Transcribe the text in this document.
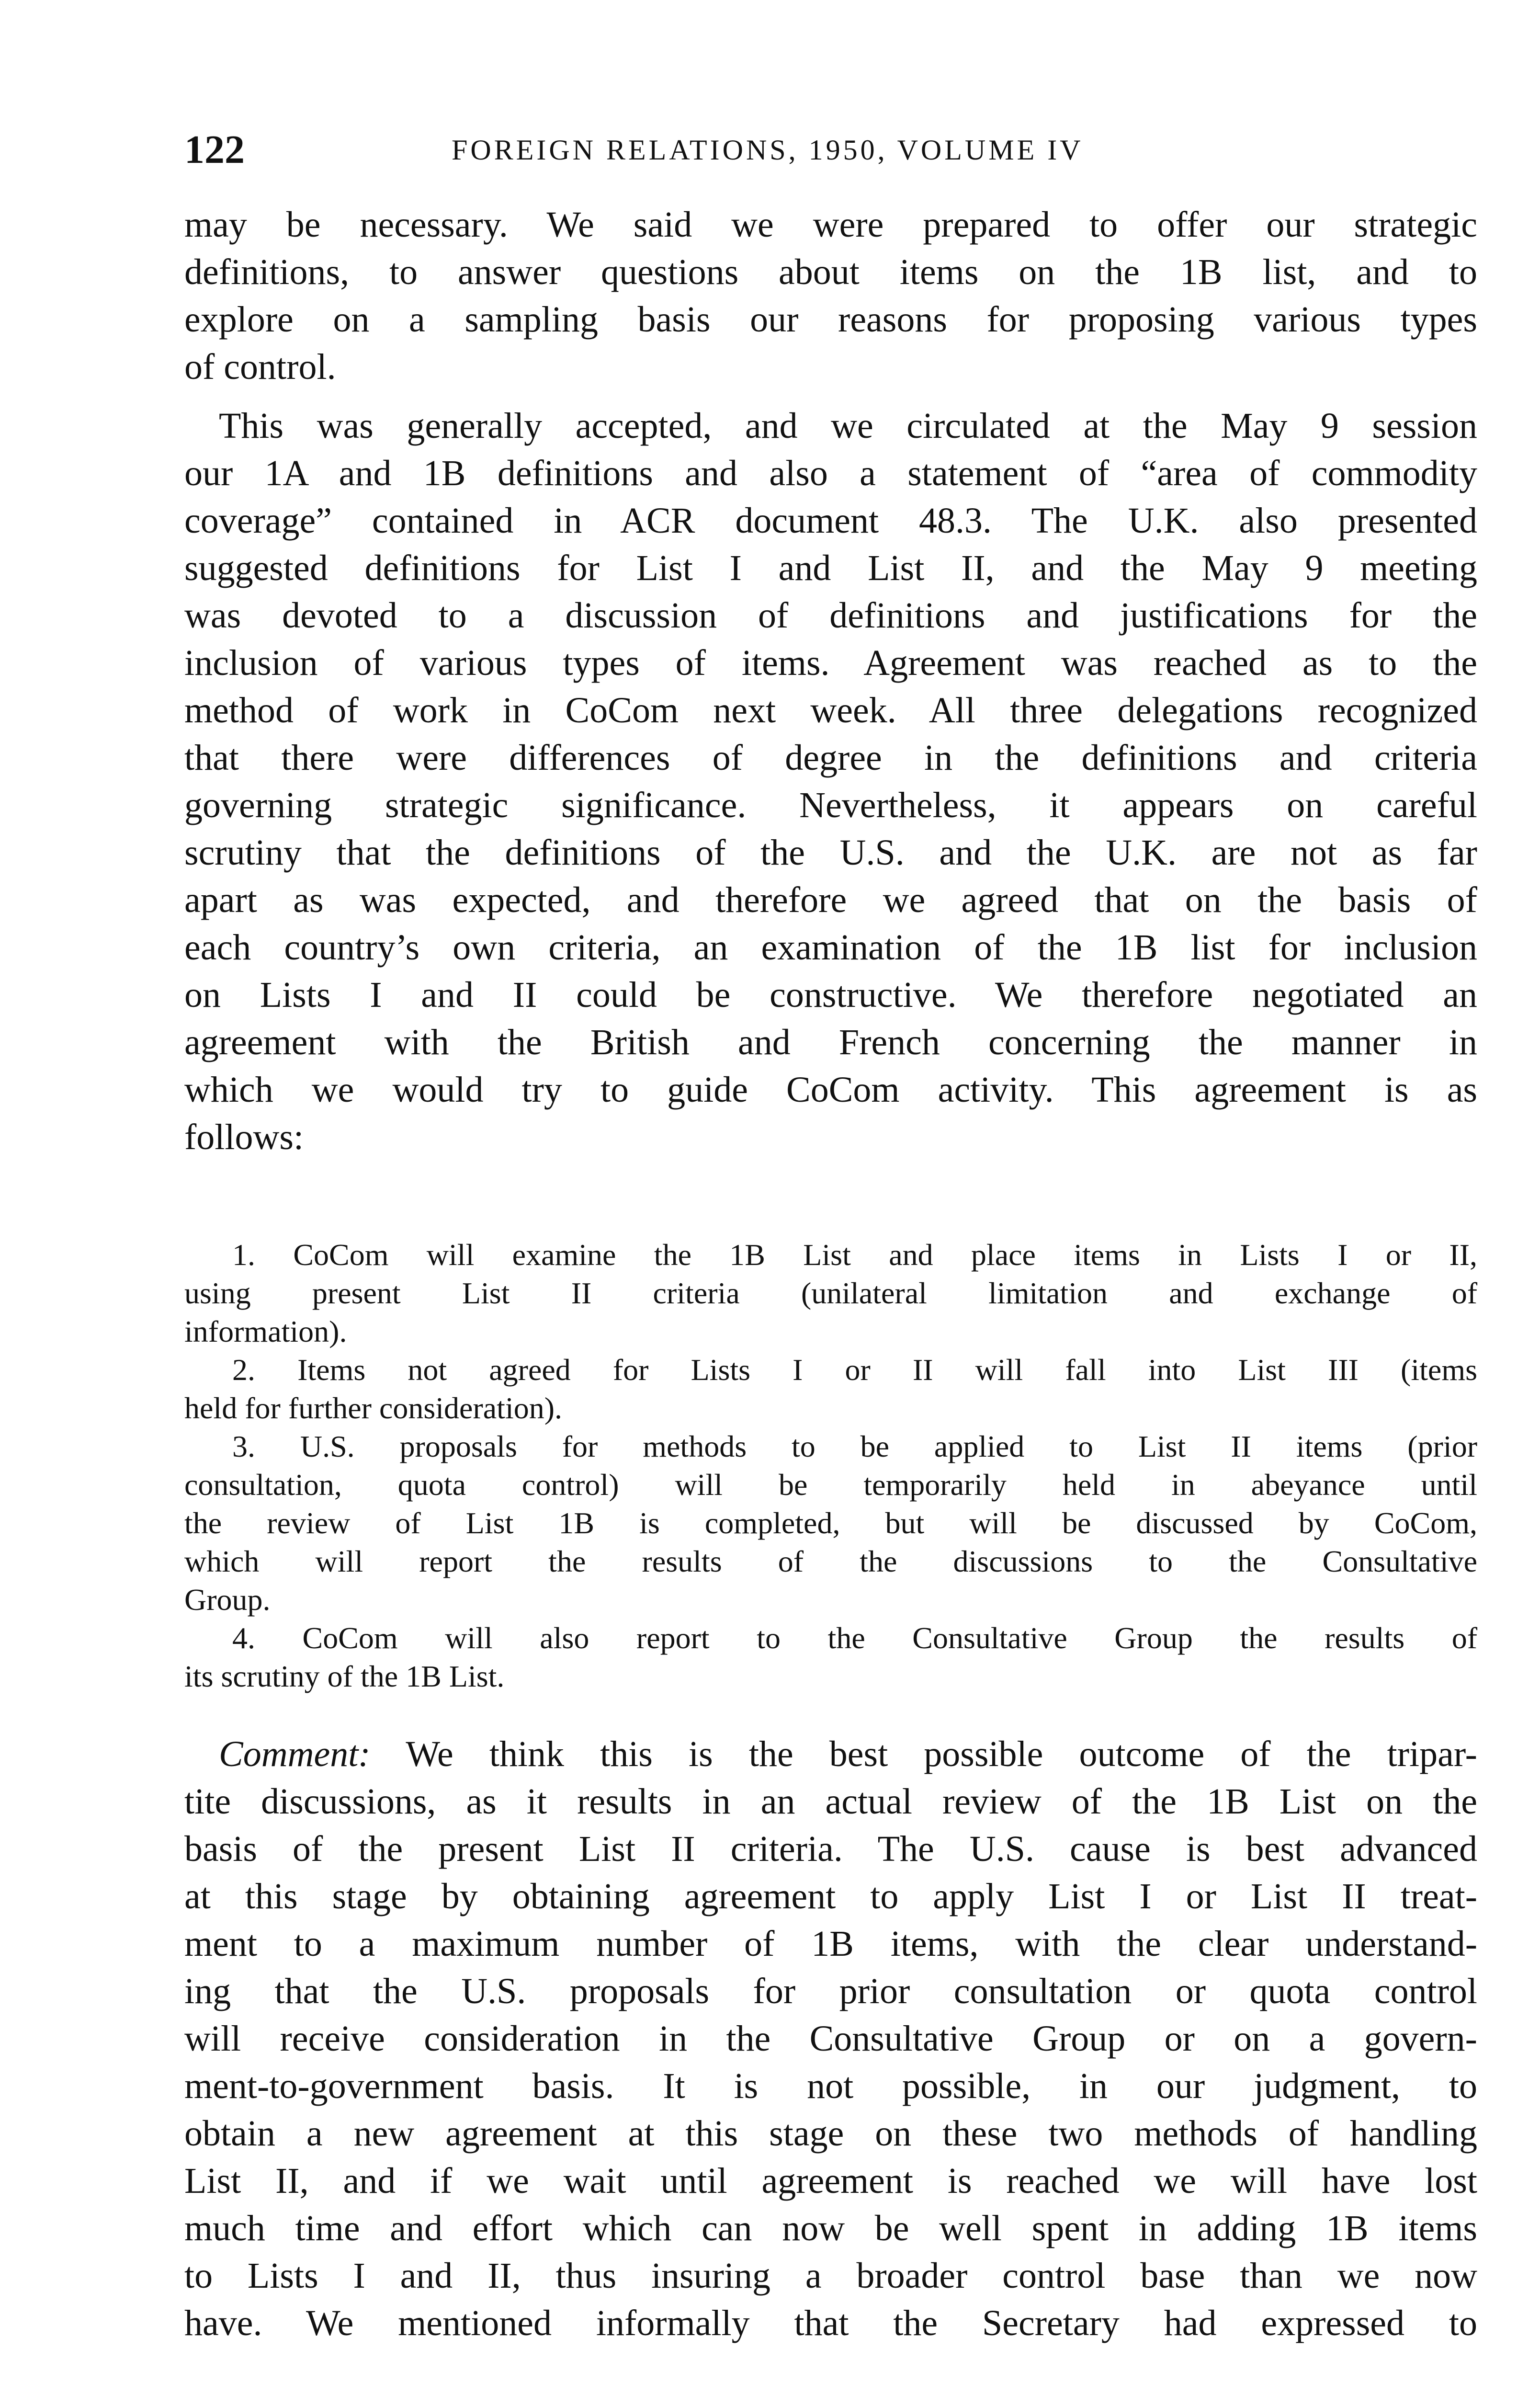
122	FOREIGN RELATIONS, 1950, VOLUME IV
may be necessary. We said we were prepared to offer our strategic
definitions, to answer questions about items on the 1B list, and to
explore on a sampling basis our reasons for proposing various types
of control.
This was generally accepted, and we circulated at the May 9 session
our 1A and 1B definitions and also a statement of “area of commodity
coverage” contained in ACR document 48.3. The U.K. also presented
suggested definitions for List I and List II, and the May 9 meeting
was devoted to a discussion of definitions and justifications for the
inclusion of various types of items. Agreement was reached as to the
method of work in CoCom next week. All three delegations recognized
that there were differences of degree in the definitions and criteria
governing strategic significance. Nevertheless, it appears on careful
scrutiny that the definitions of the U.S. and the U.K. are not as far
apart as was expected, and therefore we agreed that on the basis of
each country’s own criteria, an examination of the 1B list for inclusion
on Lists I and II could be constructive. We therefore negotiated an
agreement with the British and French concerning the manner in
which we would try to guide CoCom activity. This agreement is as
follows:
1. CoCom will examine the 1B List and place items in Lists I or II,
using present List II criteria (unilateral limitation and exchange of
information).
2. Items not agreed for Lists I or II will fall into List III (items
held for further consideration).
3. U.S. proposals for methods to be applied to List II items (prior
consultation, quota control) will be temporarily held in abeyance until
the review of List 1B is completed, but will be discussed by CoCom,
which will report the results of the discussions to the Consultative
Group.
4. CoCom will also report to the Consultative Group the results of
its scrutiny of the 1B List.
Comment: We think this is the best possible outcome of the tripar-
tite discussions, as it results in an actual review of the 1B List on the
basis of the present List II criteria. The U.S. cause is best advanced
at this stage by obtaining agreement to apply List I or List II treat-
ment to a maximum number of 1B items, with the clear understand-
ing that the U.S. proposals for prior consultation or quota control
will receive consideration in the Consultative Group or on a govern-
ment-to-government basis. It is not possible, in our judgment, to
obtain a new agreement at this stage on these two methods of handling
List II, and if we wait until agreement is reached we will have lost
much time and effort which can now be well spent in adding 1B items
to Lists I and II, thus insuring a broader control base than we now
have. We mentioned informally that the Secretary had expressed to
